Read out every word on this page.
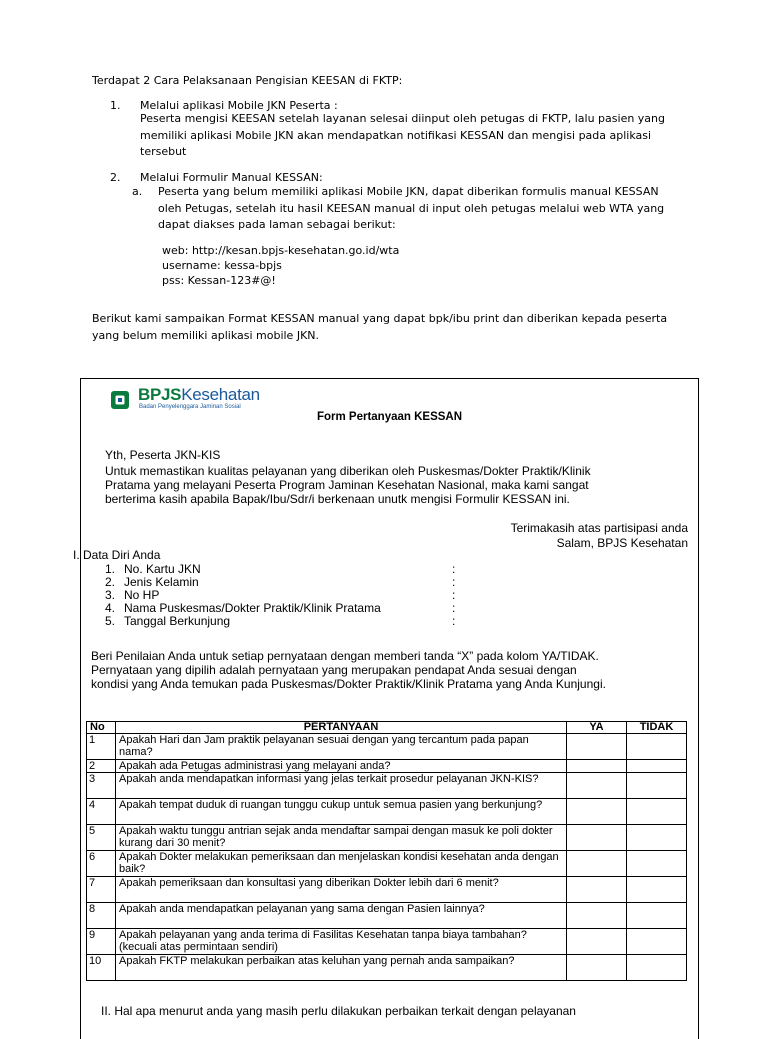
Terdapat 2 Cara Pelaksanaan Pengisian KEESAN di FKTP:
1. Melalui aplikasi Mobile JKN Peserta :
Peserta mengisi KEESAN setelah layanan selesai diinput oleh petugas di FKTP, lalu pasien yang
memiliki aplikasi Mobile JKN akan mendapatkan notifikasi KESSAN dan mengisi pada aplikasi
tersebut
2. Melalui Formulir Manual KESSAN:
a. Peserta yang belum memiliki aplikasi Mobile JKN, dapat diberikan formulis manual KESSAN
oleh Petugas, setelah itu hasil KEESAN manual di input oleh petugas melalui web WTA yang
dapat diakses pada laman sebagai berikut:
web: http://kesan.bpjs-kesehatan.go.id/wta
username: kessa-bpjs
pss: Kessan-123#@!
Berikut kami sampaikan Format KESSAN manual yang dapat bpk/ibu print dan diberikan kepada peserta
yang belum memiliki aplikasi mobile JKN.
BPJSKesehatan
Badan Penyelenggara Jaminan Sosial
Form Pertanyaan KESSAN
Yth, Peserta JKN-KIS
Untuk memastikan kualitas pelayanan yang diberikan oleh Puskesmas/Dokter Praktik/Klinik
Pratama yang melayani Peserta Program Jaminan Kesehatan Nasional, maka kami sangat
berterima kasih apabila Bapak/Ibu/Sdr/i berkenaan unutk mengisi Formulir KESSAN ini.
Terimakasih atas partisipasi anda
Salam, BPJS Kesehatan
I. Data Diri Anda
1. No. Kartu JKN	:
2. Jenis Kelamin	:
3. No HP	:
4. Nama Puskesmas/Dokter Praktik/Klinik Pratama	:
5. Tanggal Berkunjung	:
Beri Penilaian Anda untuk setiap pernyataan dengan memberi tanda “X” pada kolom YA/TIDAK.
Pernyataan yang dipilih adalah pernyataan yang merupakan pendapat Anda sesuai dengan
kondisi yang Anda temukan pada Puskesmas/Dokter Praktik/Klinik Pratama yang Anda Kunjungi.
No	PERTANYAAN	YA	TIDAK
1	Apakah Hari dan Jam praktik pelayanan sesuai dengan yang tercantum pada papan nama?		
2	Apakah ada Petugas administrasi yang melayani anda?		
3	Apakah anda mendapatkan informasi yang jelas terkait prosedur pelayanan JKN-KIS?		
4	Apakah tempat duduk di ruangan tunggu cukup untuk semua pasien yang berkunjung?		
5	Apakah waktu tunggu antrian sejak anda mendaftar sampai dengan masuk ke poli dokter kurang dari 30 menit?		
6	Apakah Dokter melakukan pemeriksaan dan menjelaskan kondisi kesehatan anda dengan baik?		
7	Apakah pemeriksaan dan konsultasi yang diberikan Dokter lebih dari 6 menit?		
8	Apakah anda mendapatkan pelayanan yang sama dengan Pasien lainnya?		
9	Apakah pelayanan yang anda terima di Fasilitas Kesehatan tanpa biaya tambahan? (kecuali atas permintaan sendiri)		
10	Apakah FKTP melakukan perbaikan atas keluhan yang pernah anda sampaikan?		
II. Hal apa menurut anda yang masih perlu dilakukan perbaikan terkait dengan pelayanan
